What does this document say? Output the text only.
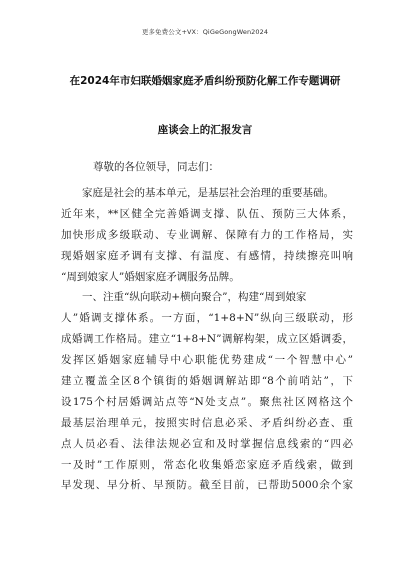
更多免费公文+VX：QiGeGongWen2024
在2024年市妇联婚姻家庭矛盾纠纷预防化解工作专题调研
座谈会上的汇报发言
尊敬的各位领导，同志们：
家庭是社会的基本单元，是基层社会治理的重要基础。
近年来，**区健全完善婚调支撑、队伍、预防三大体系，
加快形成多级联动、专业调解、保障有力的工作格局，实
现婚姻家庭矛调有支撑、有温度、有感情，持续擦亮叫响
“周到娘家人”婚姻家庭矛调服务品牌。
一、注重“纵向联动+横向聚合”，构建“周到娘家
人”婚调支撑体系。一方面，“1+8+N”纵向三级联动，形
成婚调工作格局。建立“1+8+N”调解构架，成立区婚调委，
发挥区婚姻家庭辅导中心职能优势建成“一个智慧中心”
建立覆盖全区8个镇街的婚姻调解站即“8个前哨站”，下
设175个村居婚调站点等“N处支点”。聚焦社区网格这个
最基层治理单元，按照实时信息必采、矛盾纠纷必查、重
点人员必看、法律法规必宣和及时掌握信息线索的“四必
一及时”工作原则，常态化收集婚恋家庭矛盾线索，做到
早发现、早分析、早预防。截至目前，已帮助5000余个家
